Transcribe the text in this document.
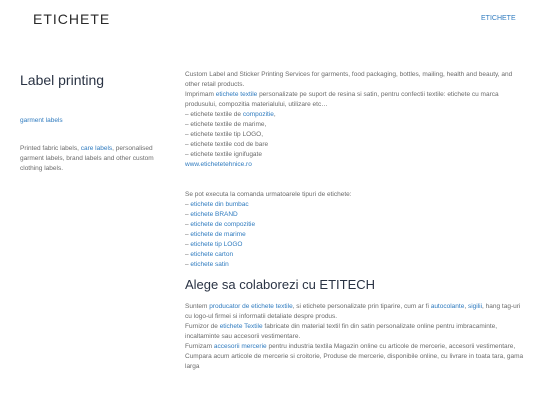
ETICHETE	ETICHETE
Label printing
garment labels
Printed fabric labels, care labels, personalised garment labels, brand labels and other custom clothing labels.

Custom Label and Sticker Printing Services for garments, food packaging, bottles, mailing, health and beauty, and other retail products.

Imprimam etichete textile personalizate pe suport de resina si satin, pentru confectii textile: etichete cu marca produsului, compozitia materialului, utilizare etc…

– etichete textile de compozitie,

– etichete textile de marime,

– etichete textile tip LOGO,

– etichete textile cod de bare

– etichete textile ignifugate

www.etichetetehnice.ro

Se pot executa la comanda urmatoarele tipuri de etichete:

– etichete din bumbac

– etichete BRAND

– etichete de compozitie

– etichete de marime

– etichete tip LOGO

– etichete carton

– etichete satin

Alege sa colaborezi cu ETITECH

Suntem producator de etichete textile, si etichete personalizate prin tiparire, cum ar fi autocolante, sigilii, hang tag-uri cu logo-ul firmei si informatii detaliate despre produs.

Furnizor de etichete Textile fabricate din material textil fin din satin personalizate online pentru imbracaminte, incaltaminte sau accesorii vestimentare.

Furnizam accesorii mercerie pentru industria textila Magazin online cu articole de mercerie, accesorii vestimentare, Cumpara acum articole de mercerie si croitorie, Produse de mercerie, disponibile online, cu livrare in toata tara, gama larga
